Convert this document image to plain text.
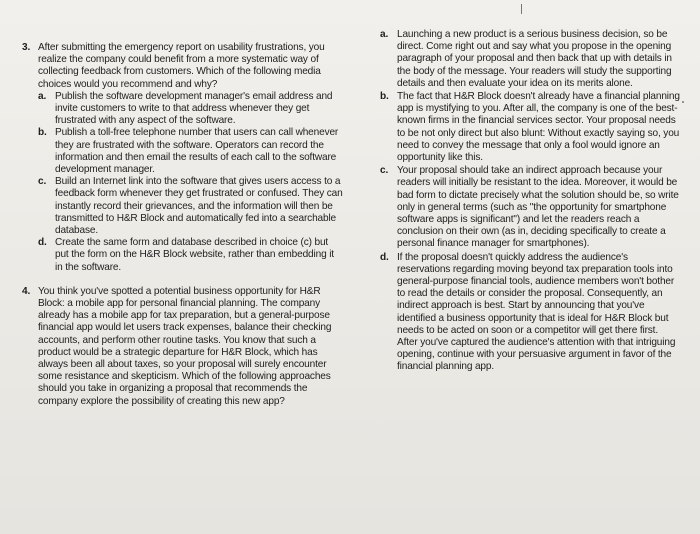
3. After submitting the emergency report on usability frustrations, you realize the company could benefit from a more systematic way of collecting feedback from customers. Which of the following media choices would you recommend and why?
a. Publish the software development manager's email address and invite customers to write to that address whenever they get frustrated with any aspect of the software.
b. Publish a toll-free telephone number that users can call whenever they are frustrated with the software. Operators can record the information and then email the results of each call to the software development manager.
c. Build an Internet link into the software that gives users access to a feedback form whenever they get frustrated or confused. They can instantly record their grievances, and the information will then be transmitted to H&R Block and automatically fed into a searchable database.
d. Create the same form and database described in choice (c) but put the form on the H&R Block website, rather than embedding it in the software.
4. You think you've spotted a potential business opportunity for H&R Block: a mobile app for personal financial planning. The company already has a mobile app for tax preparation, but a general-purpose financial app would let users track expenses, balance their checking accounts, and perform other routine tasks. You know that such a product would be a strategic departure for H&R Block, which has always been all about taxes, so your proposal will surely encounter some resistance and skepticism. Which of the following approaches should you take in organizing a proposal that recommends the company explore the possibility of creating this new app?
a. Launching a new product is a serious business decision, so be direct. Come right out and say what you propose in the opening paragraph of your proposal and then back that up with details in the body of the message. Your readers will study the supporting details and then evaluate your idea on its merits alone.
b. The fact that H&R Block doesn't already have a financial planning app is mystifying to you. After all, the company is one of the best-known firms in the financial services sector. Your proposal needs to be not only direct but also blunt: Without exactly saying so, you need to convey the message that only a fool would ignore an opportunity like this.
c. Your proposal should take an indirect approach because your readers will initially be resistant to the idea. Moreover, it would be bad form to dictate precisely what the solution should be, so write only in general terms (such as "the opportunity for smartphone software apps is significant") and let the readers reach a conclusion on their own (as in, deciding specifically to create a personal finance manager for smartphones).
d. If the proposal doesn't quickly address the audience's reservations regarding moving beyond tax preparation tools into general-purpose financial tools, audience members won't bother to read the details or consider the proposal. Consequently, an indirect approach is best. Start by announcing that you've identified a business opportunity that is ideal for H&R Block but needs to be acted on soon or a competitor will get there first. After you've captured the audience's attention with that intriguing opening, continue with your persuasive argument in favor of the financial planning app.
